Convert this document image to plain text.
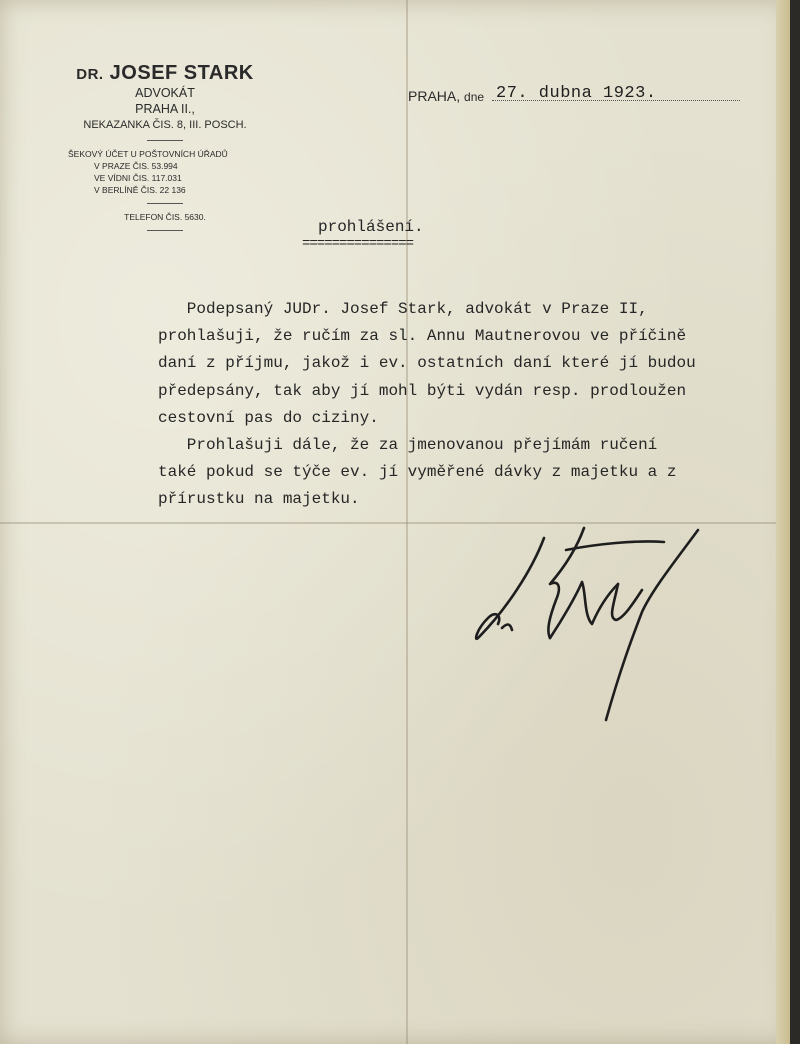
DR. JOSEF STARK
ADVOKÁT
PRAHA II.,
NEKAZANKA ČIS. 8, III. POSCH.
ŠEKOVÝ ÚČET U POŠTOVNÍCH ÚŘADŮ
V PRAZE ČIS. 53.994
VE VÍDNI ČIS. 117.031
V BERLÍNĚ ČIS. 22 136
TELEFON ČIS. 5630.
PRAHA, dne 27. dubna 1923.
prohlášení.
===============
Podepsaný JUDr. Josef Stark, advokát v Praze II,
prohlašuji, že ručím za sl. Annu Mautnerovou ve příčině
daní z příjmu, jakož i ev. ostatních daní které jí budou
předepsány, tak aby jí mohl býti vydán resp. prodloužen
cestovní pas do ciziny.
Prohlašuji dále, že za jmenovanou přejímám ručení
také pokud se týče ev. jí vyměřené dávky z majetku a z
přírustku na majetku.
